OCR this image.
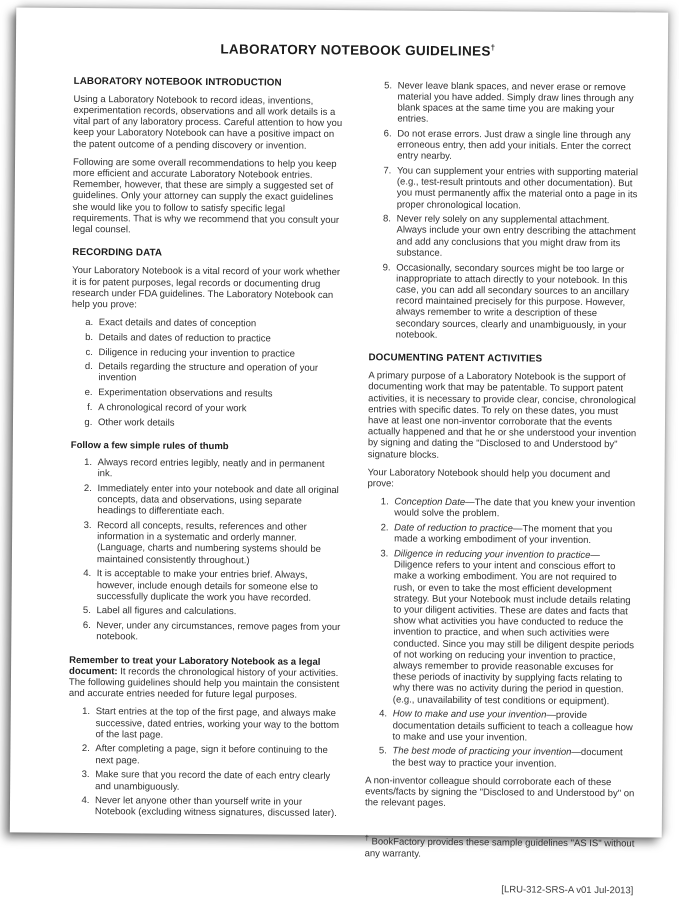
LABORATORY NOTEBOOK GUIDELINES†
LABORATORY NOTEBOOK INTRODUCTION

Using a Laboratory Notebook to record ideas, inventions, experimentation records, observations and all work details is a vital part of any laboratory process. Careful attention to how you keep your Laboratory Notebook can have a positive impact on the patent outcome of a pending discovery or invention.

Following are some overall recommendations to help you keep more efficient and accurate Laboratory Notebook entries. Remember, however, that these are simply a suggested set of guidelines. Only your attorney can supply the exact guidelines she would like you to follow to satisfy specific legal requirements. That is why we recommend that you consult your legal counsel.

RECORDING DATA

Your Laboratory Notebook is a vital record of your work whether it is for patent purposes, legal records or documenting drug research under FDA guidelines. The Laboratory Notebook can help you prove:

a. Exact details and dates of conception
b. Details and dates of reduction to practice
c. Diligence in reducing your invention to practice
d. Details regarding the structure and operation of your invention
e. Experimentation observations and results
f. A chronological record of your work
g. Other work details
Follow a few simple rules of thumb
1. Always record entries legibly, neatly and in permanent ink.
2. Immediately enter into your notebook and date all original concepts, data and observations, using separate headings to differentiate each.
3. Record all concepts, results, references and other information in a systematic and orderly manner. (Language, charts and numbering systems should be maintained consistently throughout.)
4. It is acceptable to make your entries brief. Always, however, include enough details for someone else to successfully duplicate the work you have recorded.
5. Label all figures and calculations.
6. Never, under any circumstances, remove pages from your notebook.

Remember to treat your Laboratory Notebook as a legal document: It records the chronological history of your activities. The following guidelines should help you maintain the consistent and accurate entries needed for future legal purposes.

1. Start entries at the top of the first page, and always make successive, dated entries, working your way to the bottom of the last page.
2. After completing a page, sign it before continuing to the next page.
3. Make sure that you record the date of each entry clearly and unambiguously.
4. Never let anyone other than yourself write in your Notebook (excluding witness signatures, discussed later).
5. Never leave blank spaces, and never erase or remove material you have added. Simply draw lines through any blank spaces at the same time you are making your entries.
6. Do not erase errors. Just draw a single line through any erroneous entry, then add your initials. Enter the correct entry nearby.
7. You can supplement your entries with supporting material (e.g., test-result printouts and other documentation). But you must permanently affix the material onto a page in its proper chronological location.
8. Never rely solely on any supplemental attachment. Always include your own entry describing the attachment and add any conclusions that you might draw from its substance.
9. Occasionally, secondary sources might be too large or inappropriate to attach directly to your notebook. In this case, you can add all secondary sources to an ancillary record maintained precisely for this purpose. However, always remember to write a description of these secondary sources, clearly and unambiguously, in your notebook.
DOCUMENTING PATENT ACTIVITIES

A primary purpose of a Laboratory Notebook is the support of documenting work that may be patentable. To support patent activities, it is necessary to provide clear, concise, chronological entries with specific dates. To rely on these dates, you must have at least one non-inventor corroborate that the events actually happened and that he or she understood your invention by signing and dating the "Disclosed to and Understood by" signature blocks.

Your Laboratory Notebook should help you document and prove:

1. Conception Date—The date that you knew your invention would solve the problem.
2. Date of reduction to practice—The moment that you made a working embodiment of your invention.
3. Diligence in reducing your invention to practice—Diligence refers to your intent and conscious effort to make a working embodiment. You are not required to rush, or even to take the most efficient development strategy. But your Notebook must include details relating to your diligent activities. These are dates and facts that show what activities you have conducted to reduce the invention to practice, and when such activities were conducted. Since you may still be diligent despite periods of not working on reducing your invention to practice, always remember to provide reasonable excuses for these periods of inactivity by supplying facts relating to why there was no activity during the period in question. (e.g., unavailability of test conditions or equipment).
4. How to make and use your invention—provide documentation details sufficient to teach a colleague how to make and use your invention.
5. The best mode of practicing your invention—document the best way to practice your invention.

A non-inventor colleague should corroborate each of these events/facts by signing the "Disclosed to and Understood by" on the relevant pages.

† BookFactory provides these sample guidelines "AS IS" without any warranty.

[LRU-312-SRS-A v01 Jul-2013]
